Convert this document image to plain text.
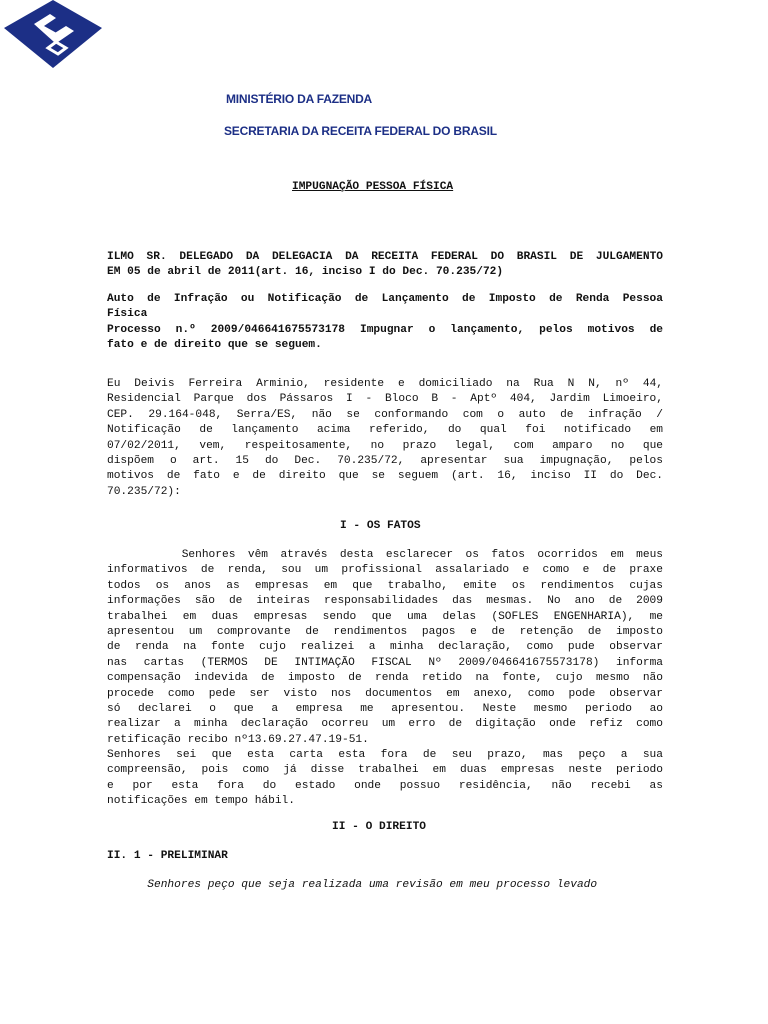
MINISTÉRIO DA FAZENDA
SECRETARIA DA RECEITA FEDERAL DO BRASIL
IMPUGNAÇÃO PESSOA FÍSICA
ILMO SR. DELEGADO DA DELEGACIA DA RECEITA FEDERAL DO BRASIL DE JULGAMENTO
EM 05 de abril de 2011(art. 16, inciso I do Dec. 70.235/72)
Auto de Infração ou Notificação de Lançamento de Imposto de Renda Pessoa
Física
Processo n.º 2009/046641675573178 Impugnar o lançamento, pelos motivos de
fato e de direito que se seguem.
Eu Deivis Ferreira Arminio, residente e domiciliado na Rua N N, nº 44,
Residencial Parque dos Pássaros I - Bloco B - Aptº 404, Jardim Limoeiro,
CEP. 29.164-048, Serra/ES, não se conformando com o auto de infração /
Notificação de lançamento acima referido, do qual foi notificado em
07/02/2011, vem, respeitosamente, no prazo legal, com amparo no que
dispõem o art. 15 do Dec. 70.235/72, apresentar sua impugnação, pelos
motivos de fato e de direito que se seguem (art. 16, inciso II do Dec.
70.235/72):
I - OS FATOS
Senhores vêm através desta esclarecer os fatos ocorridos em meus
informativos de renda, sou um profissional assalariado e como e de praxe
todos os anos as empresas em que trabalho, emite os rendimentos cujas
informações são de inteiras responsabilidades das mesmas. No ano de 2009
trabalhei em duas empresas sendo que uma delas (SOFLES ENGENHARIA), me
apresentou um comprovante de rendimentos pagos e de retenção de imposto
de renda na fonte cujo realizei a minha declaração, como pude observar
nas cartas (TERMOS DE INTIMAÇÃO FISCAL Nº 2009/046641675573178) informa
compensação indevida de imposto de renda retido na fonte, cujo mesmo não
procede como pede ser visto nos documentos em anexo, como pode observar
só declarei o que a empresa me apresentou. Neste mesmo periodo ao
realizar a minha declaração ocorreu um erro de digitação onde refiz como
retificação recibo nº13.69.27.47.19-51.
Senhores sei que esta carta esta fora de seu prazo, mas peço a sua
compreensão, pois como já disse trabalhei em duas empresas neste periodo
e por esta fora do estado onde possuo residência, não recebi as
notificações em tempo hábil.
II - O DIREITO
II. 1 - PRELIMINAR
Senhores peço que seja realizada uma revisão em meu processo levado
